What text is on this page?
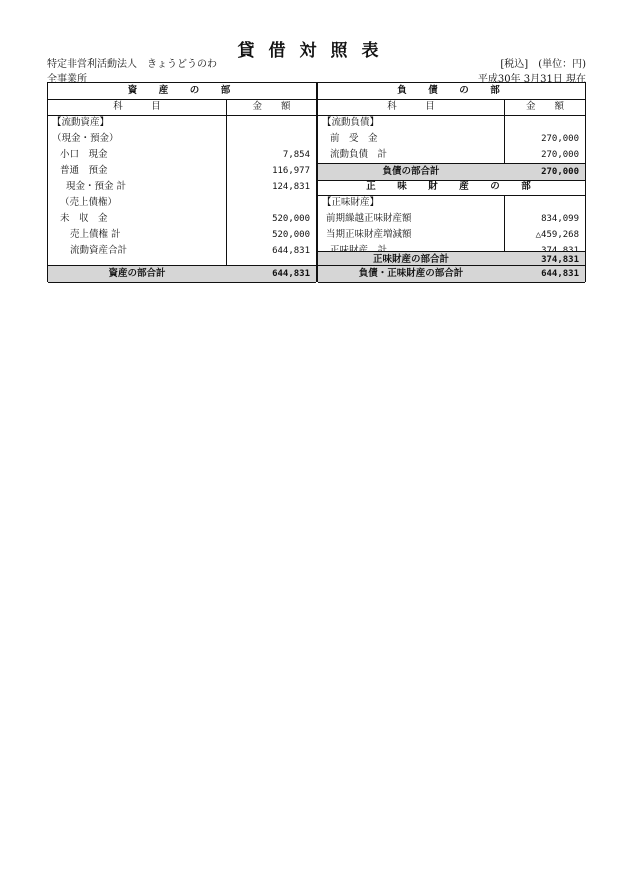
貸借対照表
特定非営利活動法人　きょうどうのわ
全事業所
[税込]　(単位：円)
平成30年 3月31日 現在
資　産　の　部
科　　　目	金　　額
【流動資産】
（現金・預金）
小口　現金	7,854
普通　預金	116,977
現金・預金 計	124,831
（売上債権）
未　収　金	520,000
売上債権 計	520,000
流動資産合計	644,831
資産の部合計	644,831
負　債　の　部
科　　　目	金　　額
【流動負債】
前　受　金	270,000
流動負債　計	270,000
負債の部合計	270,000
正　味　財　産　の　部
【正味財産】
前期繰越正味財産額	834,099
当期正味財産増減額	△459,268
正味財産の部合計	374,831
負債・正味財産の部合計	644,831
